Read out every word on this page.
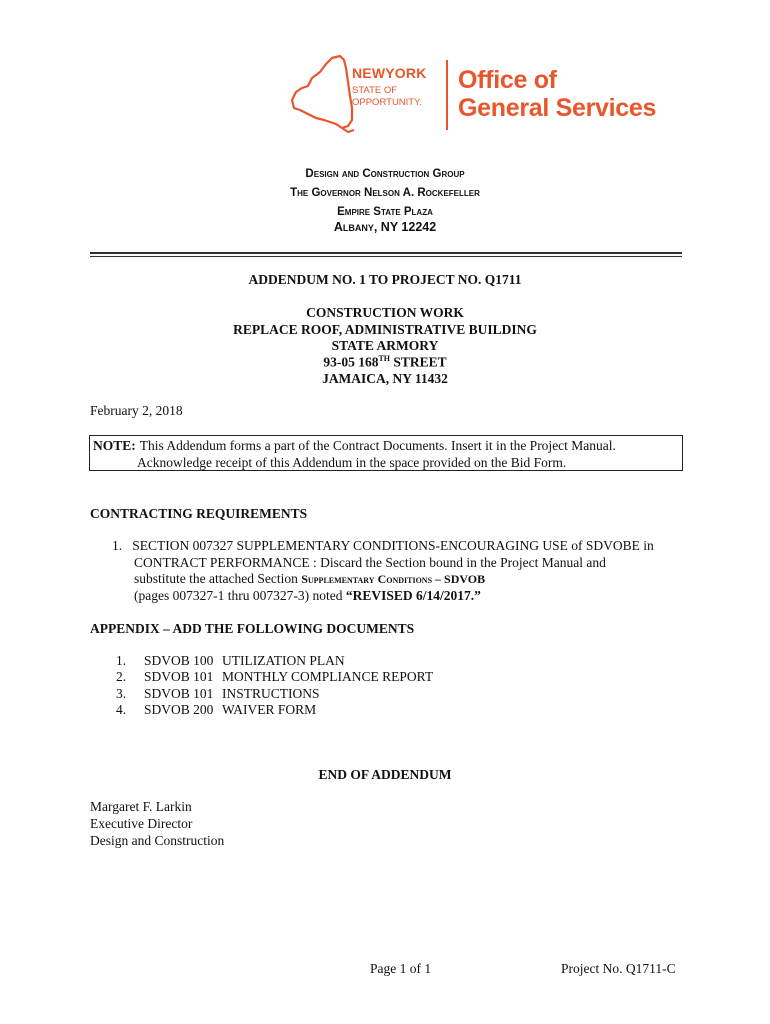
NEWYORK
STATE OF
OPPORTUNITY.
Office of
General Services
Design and Construction Group
The Governor Nelson A. Rockefeller
Empire State Plaza
Albany, NY 12242
ADDENDUM NO. 1 TO PROJECT NO. Q1711
CONSTRUCTION WORK
REPLACE ROOF, ADMINISTRATIVE BUILDING
STATE ARMORY
93-05 168TH STREET
JAMAICA, NY 11432
February 2, 2018
NOTE: This Addendum forms a part of the Contract Documents. Insert it in the Project Manual.
Acknowledge receipt of this Addendum in the space provided on the Bid Form.
CONTRACTING REQUIREMENTS
1. SECTION 007327 SUPPLEMENTARY CONDITIONS-ENCOURAGING USE of SDVOBE in
CONTRACT PERFORMANCE : Discard the Section bound in the Project Manual and
substitute the attached Section Supplementary Conditions – SDVOB
(pages 007327-1 thru 007327-3) noted “REVISED 6/14/2017.”
APPENDIX – ADD THE FOLLOWING DOCUMENTS
1. SDVOB 100 UTILIZATION PLAN
2. SDVOB 101 MONTHLY COMPLIANCE REPORT
3. SDVOB 101 INSTRUCTIONS
4. SDVOB 200 WAIVER FORM
END OF ADDENDUM
Margaret F. Larkin
Executive Director
Design and Construction
Page 1 of 1	Project No. Q1711-C
